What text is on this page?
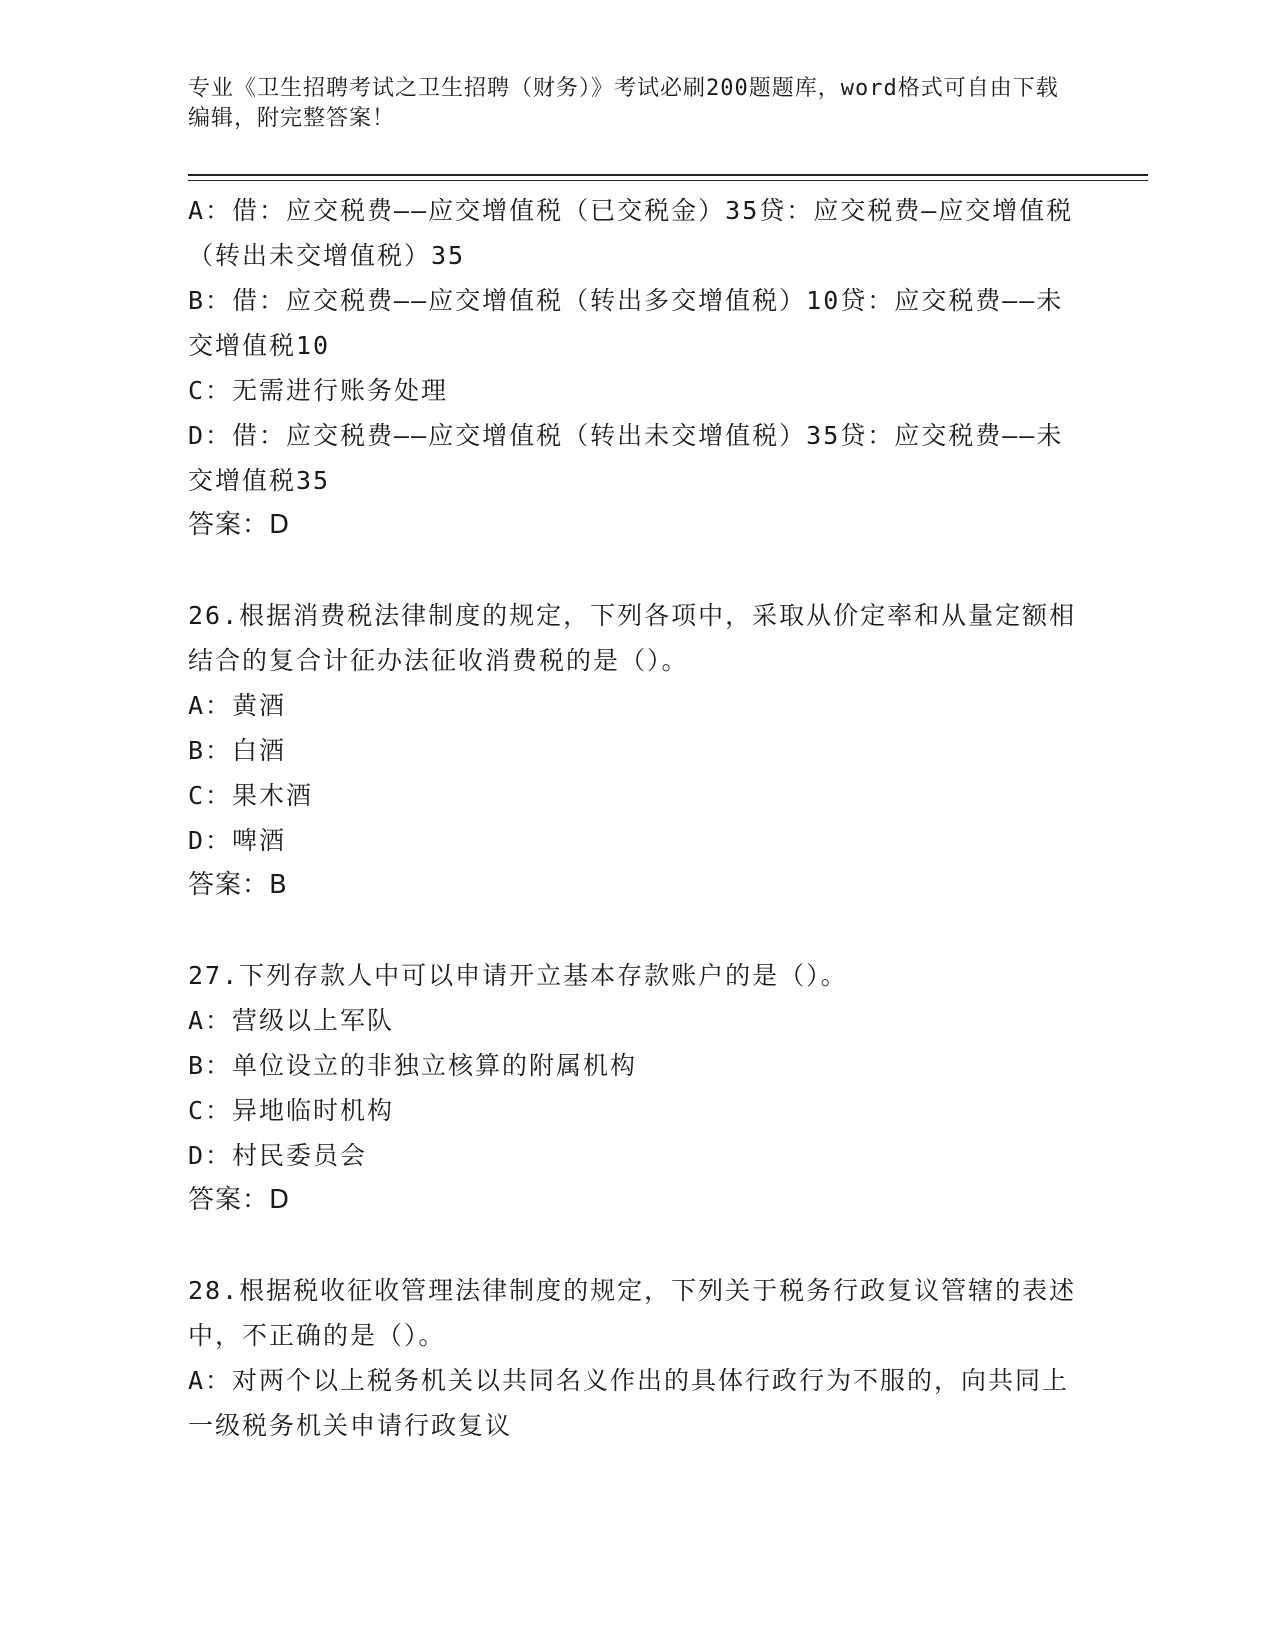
专业《卫生招聘考试之卫生招聘（财务）》考试必刷200题题库，word格式可自由下载编辑，附完整答案！
A：借：应交税费——应交增值税（已交税金）35贷：应交税费—应交增值税（转出未交增值税）35
B：借：应交税费——应交增值税（转出多交增值税）10贷：应交税费——未交增值税10
C：无需进行账务处理
D：借：应交税费——应交增值税（转出未交增值税）35贷：应交税费——未交增值税35
答案：D
26.根据消费税法律制度的规定，下列各项中，采取从价定率和从量定额相结合的复合计征办法征收消费税的是（）。
A：黄酒
B：白酒
C：果木酒
D：啤酒
答案：B
27.下列存款人中可以申请开立基本存款账户的是（）。
A：营级以上军队
B：单位设立的非独立核算的附属机构
C：异地临时机构
D：村民委员会
答案：D
28.根据税收征收管理法律制度的规定，下列关于税务行政复议管辖的表述中，不正确的是（）。
A：对两个以上税务机关以共同名义作出的具体行政行为不服的，向共同上一级税务机关申请行政复议
